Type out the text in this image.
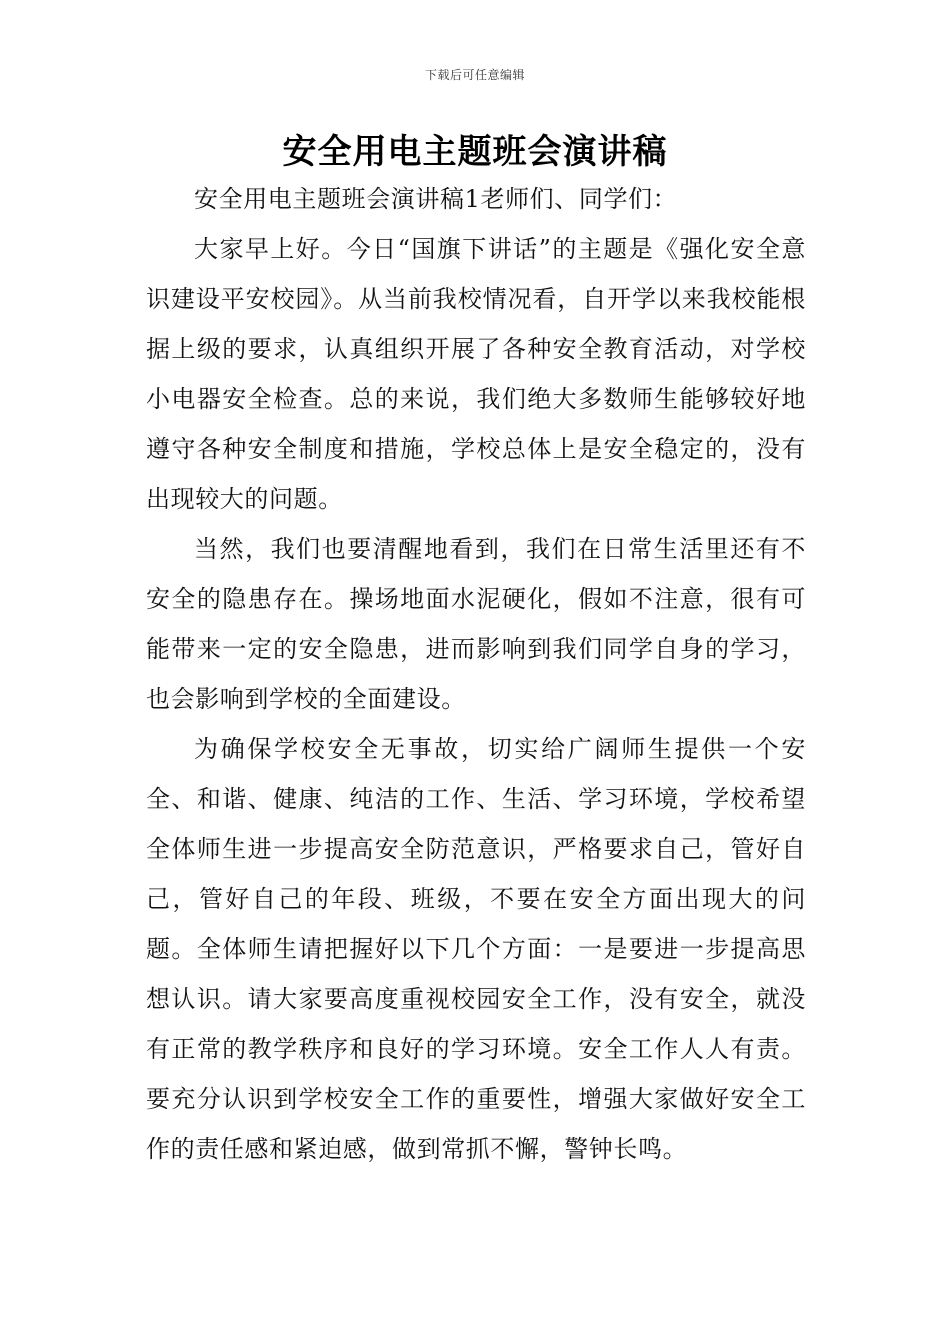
下载后可任意编辑
安全用电主题班会演讲稿

安全用电主题班会演讲稿1老师们、同学们：

大家早上好。今日“国旗下讲话”的主题是《强化安全意识建设平安校园》。从当前我校情况看，自开学以来我校能根据上级的要求，认真组织开展了各种安全教育活动，对学校小电器安全检查。总的来说，我们绝大多数师生能够较好地遵守各种安全制度和措施，学校总体上是安全稳定的，没有出现较大的问题。

当然，我们也要清醒地看到，我们在日常生活里还有不安全的隐患存在。操场地面水泥硬化，假如不注意，很有可能带来一定的安全隐患，进而影响到我们同学自身的学习，也会影响到学校的全面建设。

为确保学校安全无事故，切实给广阔师生提供一个安全、和谐、健康、纯洁的工作、生活、学习环境，学校希望全体师生进一步提高安全防范意识，严格要求自己，管好自己，管好自己的年段、班级，不要在安全方面出现大的问题。全体师生请把握好以下几个方面：一是要进一步提高思想认识。请大家要高度重视校园安全工作，没有安全，就没有正常的教学秩序和良好的学习环境。安全工作人人有责。要充分认识到学校安全工作的重要性，增强大家做好安全工作的责任感和紧迫感，做到常抓不懈，警钟长鸣。
